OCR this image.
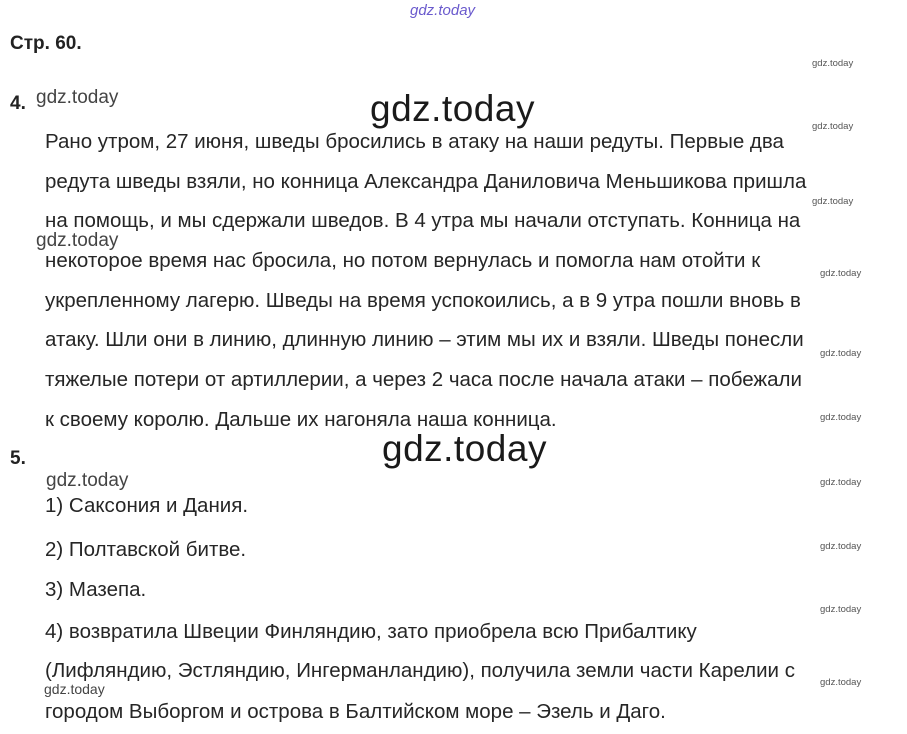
gdz.today
gdz.today
gdz.today
gdz.today
gdz.today
gdz.today
gdz.today
gdz.today
gdz.today
gdz.today
gdz.today
gdz.today
gdz.today
gdz.today
gdz.today
gdz.today
gdz.today
Стр. 60.
4.
Рано утром, 27 июня, шведы бросились в атаку на наши редуты. Первые два
редута шведы взяли, но конница Александра Даниловича Меньшикова пришла
на помощь, и мы сдержали шведов. В 4 утра мы начали отступать. Конница на
некоторое время нас бросила, но потом вернулась и помогла нам отойти к
укрепленному лагерю. Шведы на время успокоились, а в 9 утра пошли вновь в
атаку. Шли они в линию, длинную линию – этим мы их и взяли. Шведы понесли
тяжелые потери от артиллерии, а через 2 часа после начала атаки – побежали
к своему королю. Дальше их нагоняла наша конница.
5.
1) Саксония и Дания.
2) Полтавской битве.
3) Мазепа.
4) возвратила Швеции Финляндию, зато приобрела всю Прибалтику
(Лифляндию, Эстляндию, Ингерманландию), получила земли части Карелии с
городом Выборгом и острова в Балтийском море – Эзель и Даго.
